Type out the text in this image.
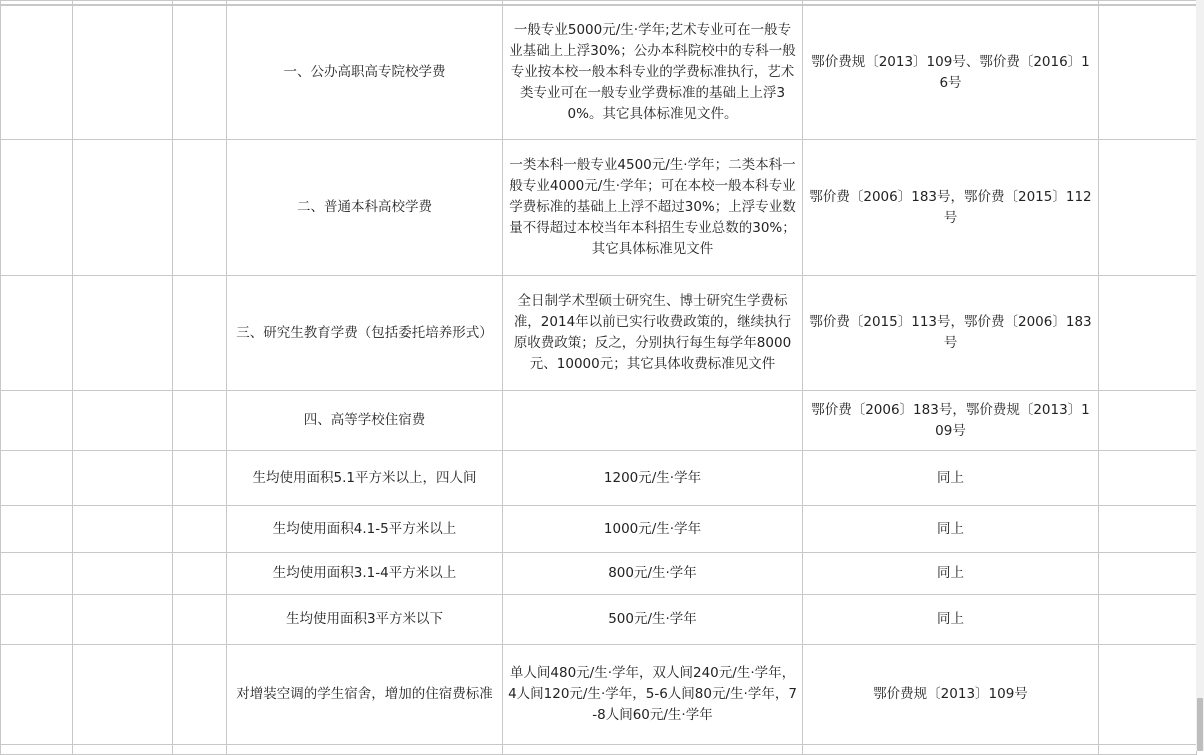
			一、公办高职高专院校学费	一般专业5000元/生·学年;艺术专业可在一般专业基础上上浮30%；公办本科院校中的专科一般专业按本校一般本科专业的学费标准执行，艺术类专业可在一般专业学费标准的基础上上浮30%。其它具体标准见文件。	鄂价费规〔2013〕109号、鄂价费〔2016〕16号	
			二、普通本科高校学费	一类本科一般专业4500元/生·学年；二类本科一般专业4000元/生·学年；可在本校一般本科专业学费标准的基础上上浮不超过30%；上浮专业数量不得超过本校当年本科招生专业总数的30%；其它具体标准见文件	鄂价费〔2006〕183号，鄂价费〔2015〕112号	
			三、研究生教育学费（包括委托培养形式）	全日制学术型硕士研究生、博士研究生学费标准，2014年以前已实行收费政策的，继续执行原收费政策；反之，分别执行每生每学年8000元、10000元；其它具体收费标准见文件	鄂价费〔2015〕113号，鄂价费〔2006〕183号	
			四、高等学校住宿费		鄂价费〔2006〕183号，鄂价费规〔2013〕109号	
			生均使用面积5.1平方米以上，四人间	1200元/生·学年	同上	
			生均使用面积4.1-5平方米以上	1000元/生·学年	同上	
			生均使用面积3.1-4平方米以上	800元/生·学年	同上	
			生均使用面积3平方米以下	500元/生·学年	同上	
			对增装空调的学生宿舍，增加的住宿费标准	单人间480元/生·学年，双人间240元/生·学年，4人间120元/生·学年，5-6人间80元/生·学年，7-8人间60元/生·学年	鄂价费规〔2013〕109号	
